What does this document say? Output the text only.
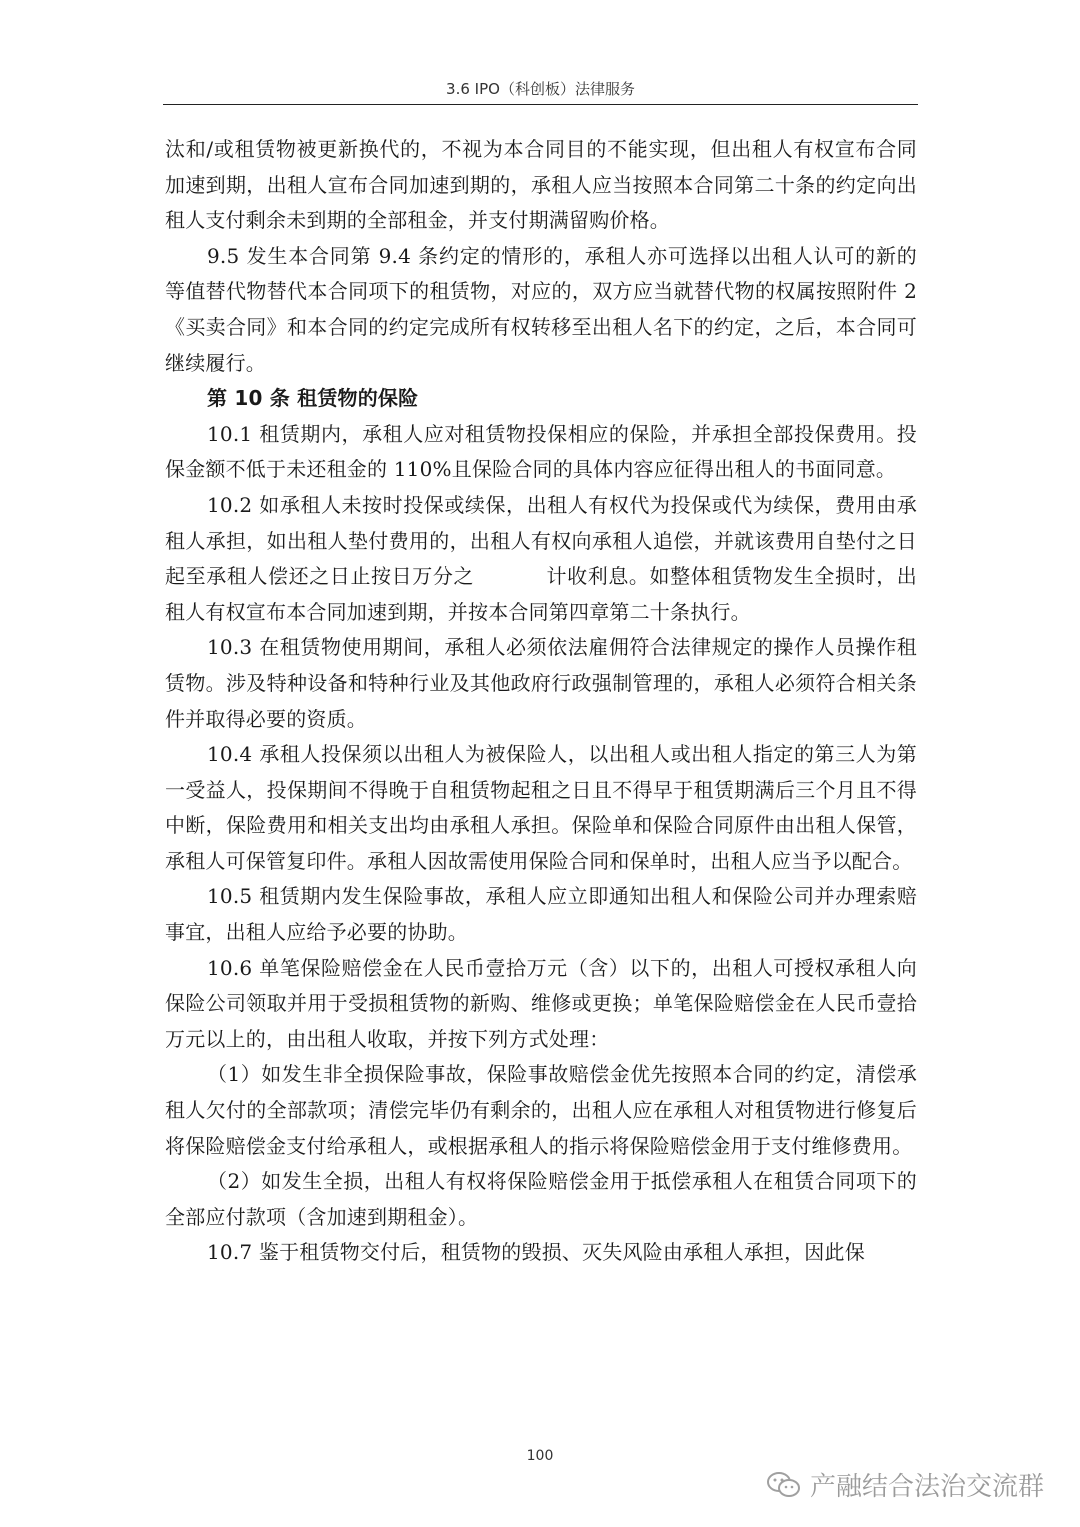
3.6 IPO（科创板）法律服务

汰和/或租赁物被更新换代的，不视为本合同目的不能实现，但出租人有权宣布合同加速到期，出租人宣布合同加速到期的，承租人应当按照本合同第二十条的约定向出租人支付剩余未到期的全部租金，并支付期满留购价格。

9.5 发生本合同第 9.4 条约定的情形的，承租人亦可选择以出租人认可的新的等值替代物替代本合同项下的租赁物，对应的，双方应当就替代物的权属按照附件 2《买卖合同》和本合同的约定完成所有权转移至出租人名下的约定，之后，本合同可继续履行。

第 10 条 租赁物的保险

10.1 租赁期内，承租人应对租赁物投保相应的保险，并承担全部投保费用。投保金额不低于未还租金的 110%且保险合同的具体内容应征得出租人的书面同意。

10.2 如承租人未按时投保或续保，出租人有权代为投保或代为续保，费用由承租人承担，如出租人垫付费用的，出租人有权向承租人追偿，并就该费用自垫付之日起至承租人偿还之日止按日万分之	计收利息。如整体租赁物发生全损时，出租人有权宣布本合同加速到期，并按本合同第四章第二十条执行。

10.3 在租赁物使用期间，承租人必须依法雇佣符合法律规定的操作人员操作租赁物。涉及特种设备和特种行业及其他政府行政强制管理的，承租人必须符合相关条件并取得必要的资质。

10.4 承租人投保须以出租人为被保险人，以出租人或出租人指定的第三人为第一受益人，投保期间不得晚于自租赁物起租之日且不得早于租赁期满后三个月且不得中断，保险费用和相关支出均由承租人承担。保险单和保险合同原件由出租人保管，承租人可保管复印件。承租人因故需使用保险合同和保单时，出租人应当予以配合。

10.5 租赁期内发生保险事故，承租人应立即通知出租人和保险公司并办理索赔事宜，出租人应给予必要的协助。

10.6 单笔保险赔偿金在人民币壹拾万元（含）以下的，出租人可授权承租人向保险公司领取并用于受损租赁物的新购、维修或更换；单笔保险赔偿金在人民币壹拾万元以上的，由出租人收取，并按下列方式处理：

（1）如发生非全损保险事故，保险事故赔偿金优先按照本合同的约定，清偿承租人欠付的全部款项；清偿完毕仍有剩余的，出租人应在承租人对租赁物进行修复后将保险赔偿金支付给承租人，或根据承租人的指示将保险赔偿金用于支付维修费用。

（2）如发生全损，出租人有权将保险赔偿金用于抵偿承租人在租赁合同项下的全部应付款项（含加速到期租金）。

10.7 鉴于租赁物交付后，租赁物的毁损、灭失风险由承租人承担，因此保

100
产融结合法治交流群
